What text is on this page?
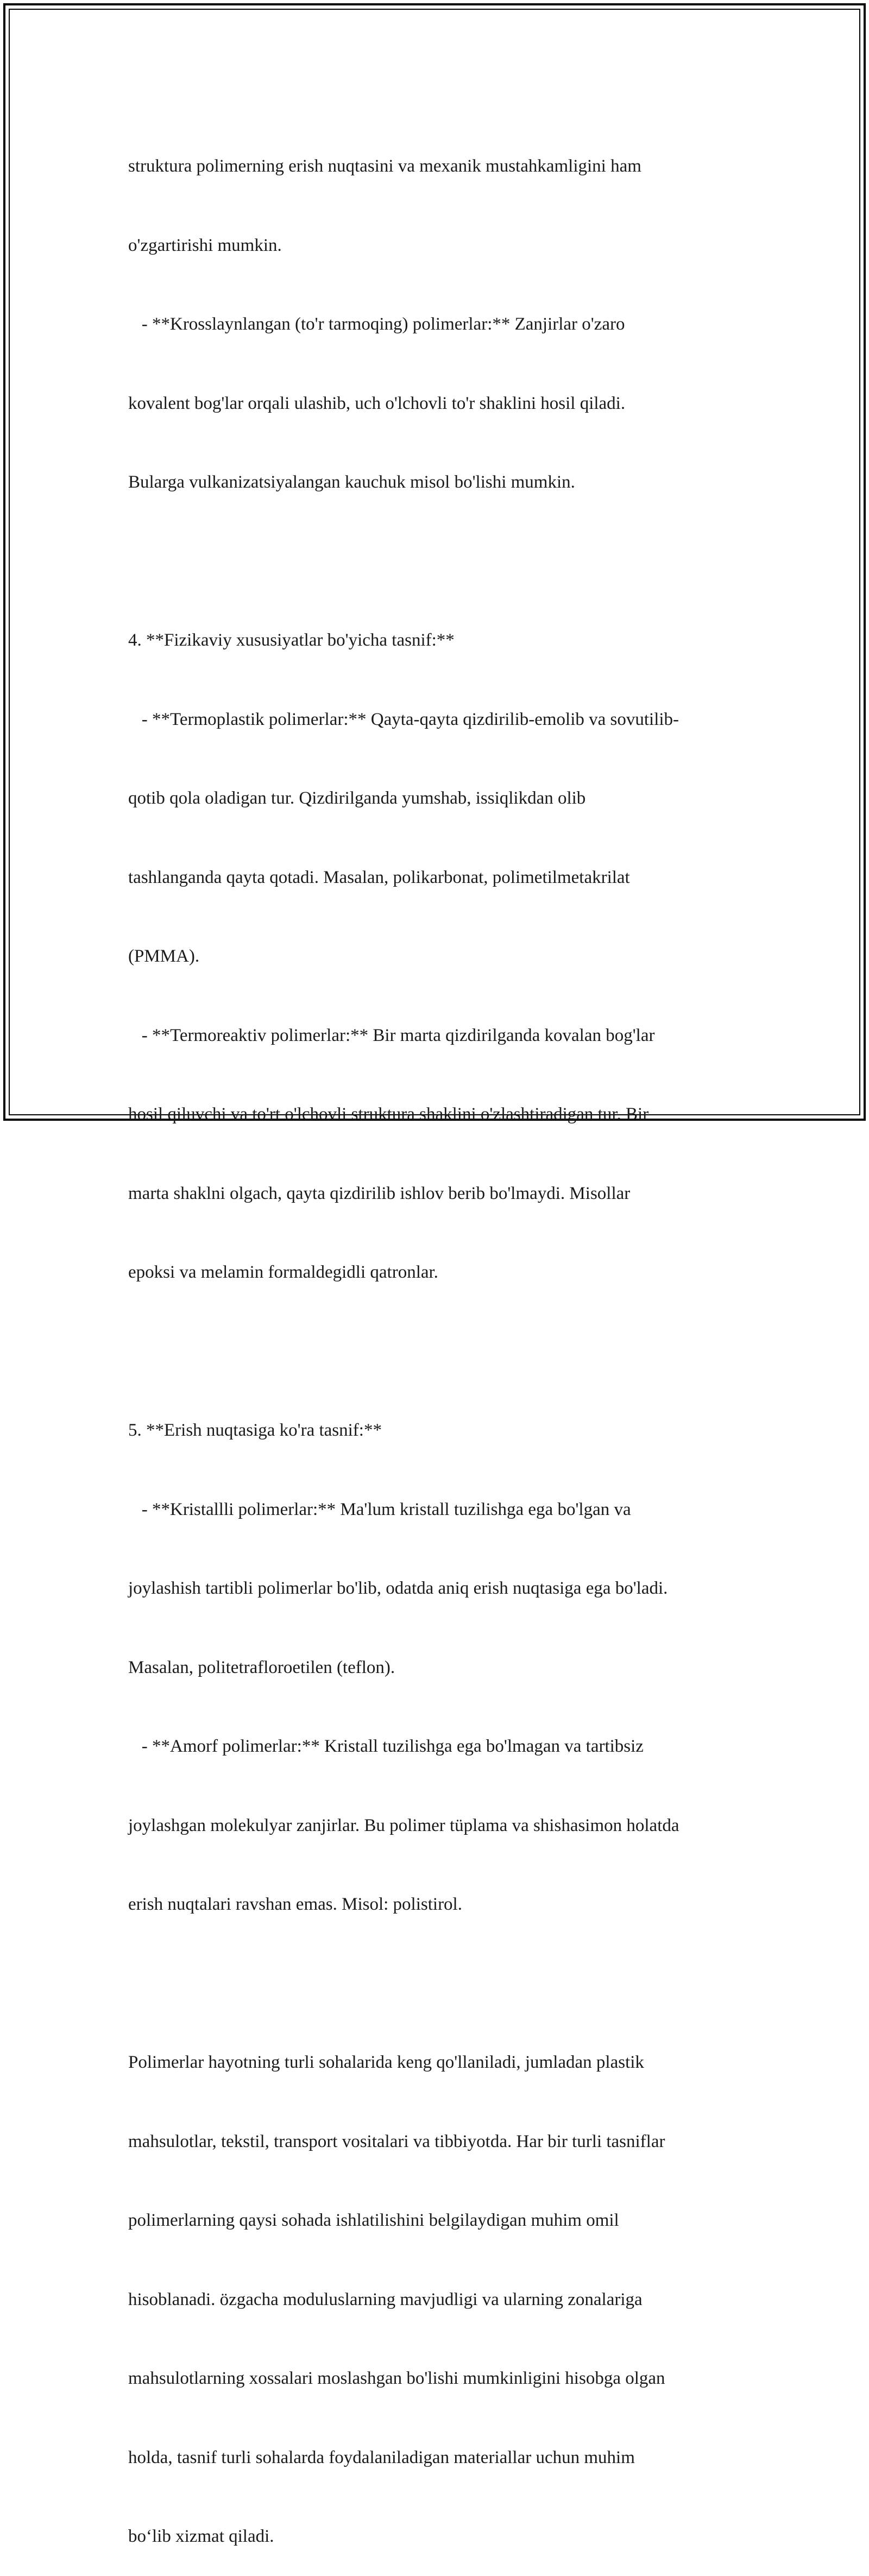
struktura polimerning erish nuqtasini va mexanik mustahkamligini ham

o'zgartirishi mumkin.

- **Krosslaynlangan (to'r tarmoqing) polimerlar:** Zanjirlar o'zaro

kovalent bog'lar orqali ulashib, uch o'lchovli to'r shaklini hosil qiladi.

Bularga vulkanizatsiyalangan kauchuk misol bo'lishi mumkin.

4. **Fizikaviy xususiyatlar bo'yicha tasnif:**

- **Termoplastik polimerlar:** Qayta-qayta qizdirilib-emolib va sovutilib-

qotib qola oladigan tur. Qizdirilganda yumshab, issiqlikdan olib

tashlanganda qayta qotadi. Masalan, polikarbonat, polimetilmetakrilat

(PMMA).

- **Termoreaktiv polimerlar:** Bir marta qizdirilganda kovalan bog'lar

hosil qiluvchi va to'rt o'lchovli struktura shaklini o'zlashtiradigan tur. Bir

marta shaklni olgach, qayta qizdirilib ishlov berib bo'lmaydi. Misollar

epoksi va melamin formaldegidli qatronlar.

5. **Erish nuqtasiga ko'ra tasnif:**

- **Kristallli polimerlar:** Ma'lum kristall tuzilishga ega bo'lgan va

joylashish tartibli polimerlar bo'lib, odatda aniq erish nuqtasiga ega bo'ladi.

Masalan, politetrafloroetilen (teflon).

- **Amorf polimerlar:** Kristall tuzilishga ega bo'lmagan va tartibsiz

joylashgan molekulyar zanjirlar. Bu polimer tüplama va shishasimon holatda

erish nuqtalari ravshan emas. Misol: polistirol.

Polimerlar hayotning turli sohalarida keng qo'llaniladi, jumladan plastik

mahsulotlar, tekstil, transport vositalari va tibbiyotda. Har bir turli tasniflar

polimerlarning qaysi sohada ishlatilishini belgilaydigan muhim omil

hisoblanadi. özgacha moduluslarning mavjudligi va ularning zonalariga

mahsulotlarning xossalari moslashgan bo'lishi mumkinligini hisobga olgan

holda, tasnif turli sohalarda foydalaniladigan materiallar uchun muhim

bo‘lib xizmat qiladi.
